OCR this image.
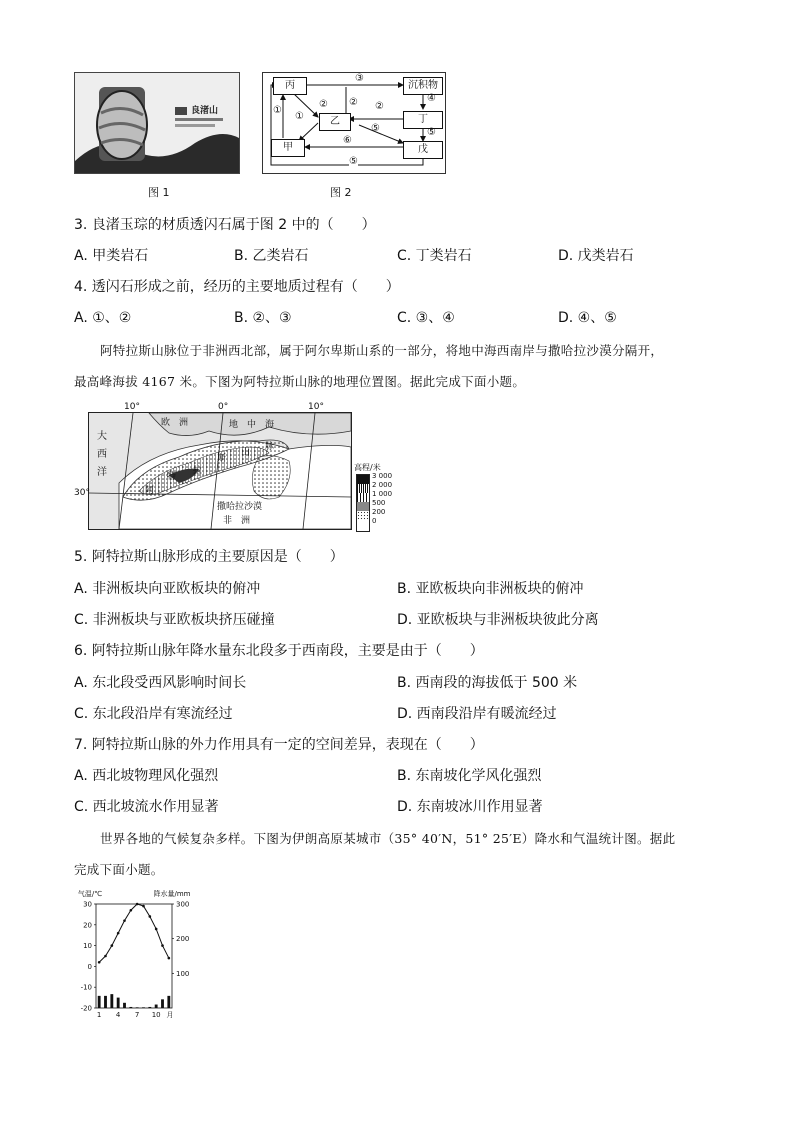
良渚山
图 1
丙
乙
甲
沉积物
丁
戊
③
①
②
①
② ②
④
⑤
⑤
⑥
⑤
图 2
3. 良渚玉琮的材质透闪石属于图 2 中的（　　）
A. 甲类岩石	B. 乙类岩石	C. 丁类岩石	D. 戊类岩石
4. 透闪石形成之前，经历的主要地质过程有（　　）
A. ①、②	B. ②、③	C. ③、④	D. ④、⑤
阿特拉斯山脉位于非洲西北部，属于阿尔卑斯山系的一部分，将地中海西南岸与撒哈拉沙漠分隔开，
最高峰海拔 4167 米。下图为阿特拉斯山脉的地理位置图。据此完成下面小题。
欧　洲	地　中　海
大
西
洋
阿
特
拉
斯
山
脉
撒哈拉沙漠
非　洲
10°	0°	10°
30°
高程/米
3 000
2 000
1 000
500
200
0
5. 阿特拉斯山脉形成的主要原因是（　　）
A. 非洲板块向亚欧板块的俯冲	B. 亚欧板块向非洲板块的俯冲
C. 非洲板块与亚欧板块挤压碰撞	D. 亚欧板块与非洲板块彼此分离
6. 阿特拉斯山脉年降水量东北段多于西南段，主要是由于（　　）
A. 东北段受西风影响时间长	B. 西南段的海拔低于 500 米
C. 东北段沿岸有寒流经过	D. 西南段沿岸有暖流经过
7. 阿特拉斯山脉的外力作用具有一定的空间差异，表现在（　　）
A. 西北坡物理风化强烈	B. 东南坡化学风化强烈
C. 西北坡流水作用显著	D. 东南坡冰川作用显著
世界各地的气候复杂多样。下图为伊朗高原某城市（35° 40′N，51° 25′E）降水和气温统计图。据此
完成下面小题。
气温/℃	降水量/mm
30
20
10
0
-10
-20
300
200
100
1 4 7 10 月
